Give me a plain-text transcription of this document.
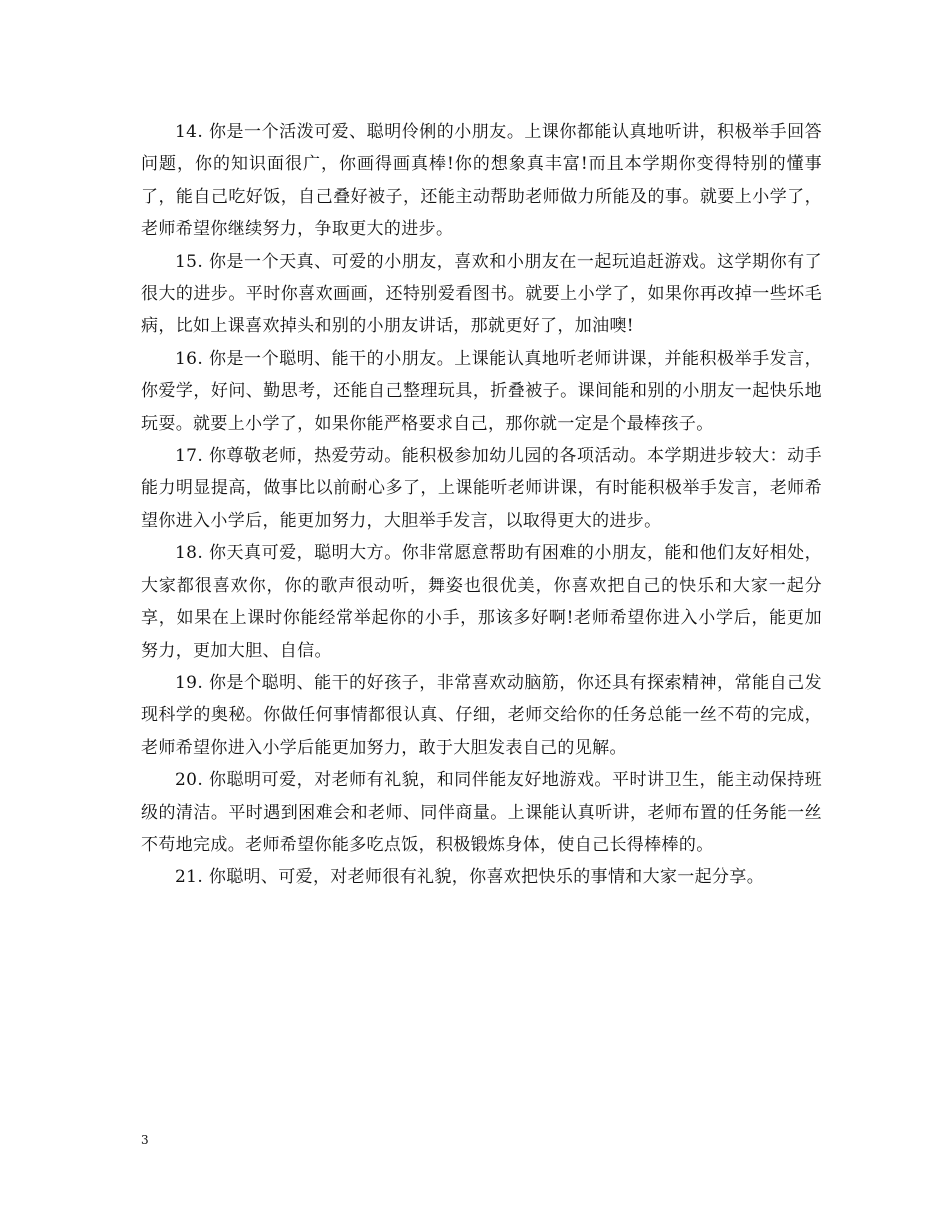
14. 你是一个活泼可爱、聪明伶俐的小朋友。上课你都能认真地听讲，积极举手回答问题，你的知识面很广，你画得画真棒!你的想象真丰富!而且本学期你变得特别的懂事了，能自己吃好饭，自己叠好被子，还能主动帮助老师做力所能及的事。就要上小学了，老师希望你继续努力，争取更大的进步。

15. 你是一个天真、可爱的小朋友，喜欢和小朋友在一起玩追赶游戏。这学期你有了很大的进步。平时你喜欢画画，还特别爱看图书。就要上小学了，如果你再改掉一些坏毛病，比如上课喜欢掉头和别的小朋友讲话，那就更好了，加油噢!

16. 你是一个聪明、能干的小朋友。上课能认真地听老师讲课，并能积极举手发言，你爱学，好问、勤思考，还能自己整理玩具，折叠被子。课间能和别的小朋友一起快乐地玩耍。就要上小学了，如果你能严格要求自己，那你就一定是个最棒孩子。

17. 你尊敬老师，热爱劳动。能积极参加幼儿园的各项活动。本学期进步较大：动手能力明显提高，做事比以前耐心多了，上课能听老师讲课，有时能积极举手发言，老师希望你进入小学后，能更加努力，大胆举手发言，以取得更大的进步。

18. 你天真可爱，聪明大方。你非常愿意帮助有困难的小朋友，能和他们友好相处，大家都很喜欢你，你的歌声很动听，舞姿也很优美，你喜欢把自己的快乐和大家一起分享，如果在上课时你能经常举起你的小手，那该多好啊!老师希望你进入小学后，能更加努力，更加大胆、自信。

19. 你是个聪明、能干的好孩子，非常喜欢动脑筋，你还具有探索精神，常能自己发现科学的奥秘。你做任何事情都很认真、仔细，老师交给你的任务总能一丝不苟的完成，老师希望你进入小学后能更加努力，敢于大胆发表自己的见解。

20. 你聪明可爱，对老师有礼貌，和同伴能友好地游戏。平时讲卫生，能主动保持班级的清洁。平时遇到困难会和老师、同伴商量。上课能认真听讲，老师布置的任务能一丝不苟地完成。老师希望你能多吃点饭，积极锻炼身体，使自己长得棒棒的。

21. 你聪明、可爱，对老师很有礼貌，你喜欢把快乐的事情和大家一起分享。

3
